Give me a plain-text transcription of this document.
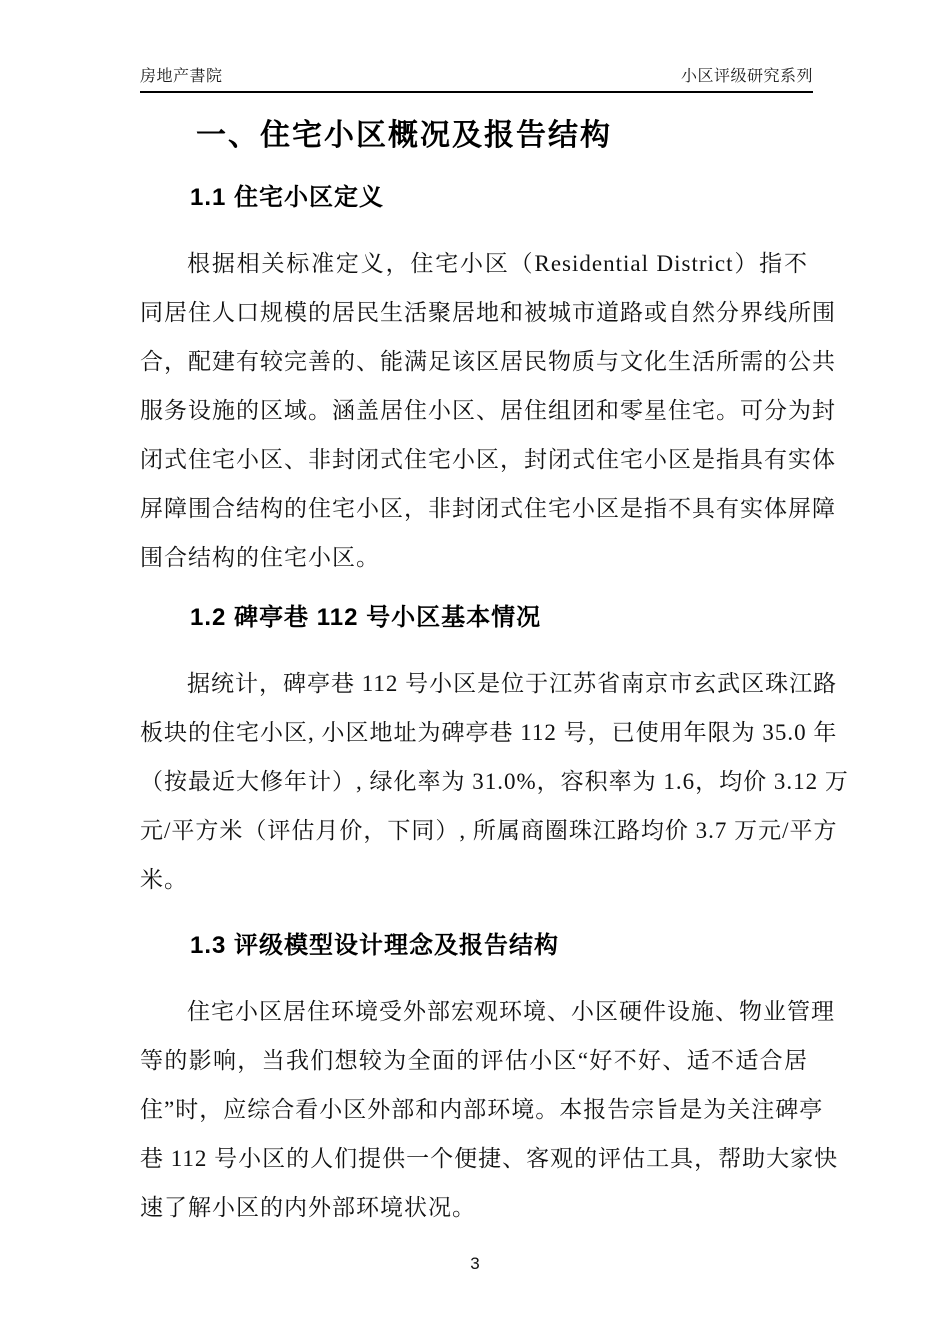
房地产書院	小区评级研究系列
一、住宅小区概况及报告结构
1.1 住宅小区定义
根据相关标准定义，住宅小区（Residential District）指不
同居住人口规模的居民生活聚居地和被城市道路或自然分界线所围
合，配建有较完善的、能满足该区居民物质与文化生活所需的公共
服务设施的区域。涵盖居住小区、居住组团和零星住宅。可分为封
闭式住宅小区、非封闭式住宅小区，封闭式住宅小区是指具有实体
屏障围合结构的住宅小区，非封闭式住宅小区是指不具有实体屏障
围合结构的住宅小区。
1.2 碑亭巷 112 号小区基本情况
据统计，碑亭巷 112 号小区是位于江苏省南京市玄武区珠江路
板块的住宅小区, 小区地址为碑亭巷 112 号，已使用年限为 35.0 年
（按最近大修年计）, 绿化率为 31.0%，容积率为 1.6，均价 3.12 万
元/平方米（评估月价，下同）, 所属商圈珠江路均价 3.7 万元/平方
米。
1.3 评级模型设计理念及报告结构
住宅小区居住环境受外部宏观环境、小区硬件设施、物业管理
等的影响，当我们想较为全面的评估小区“好不好、适不适合居
住”时，应综合看小区外部和内部环境。本报告宗旨是为关注碑亭
巷 112 号小区的人们提供一个便捷、客观的评估工具，帮助大家快
速了解小区的内外部环境状况。
3
